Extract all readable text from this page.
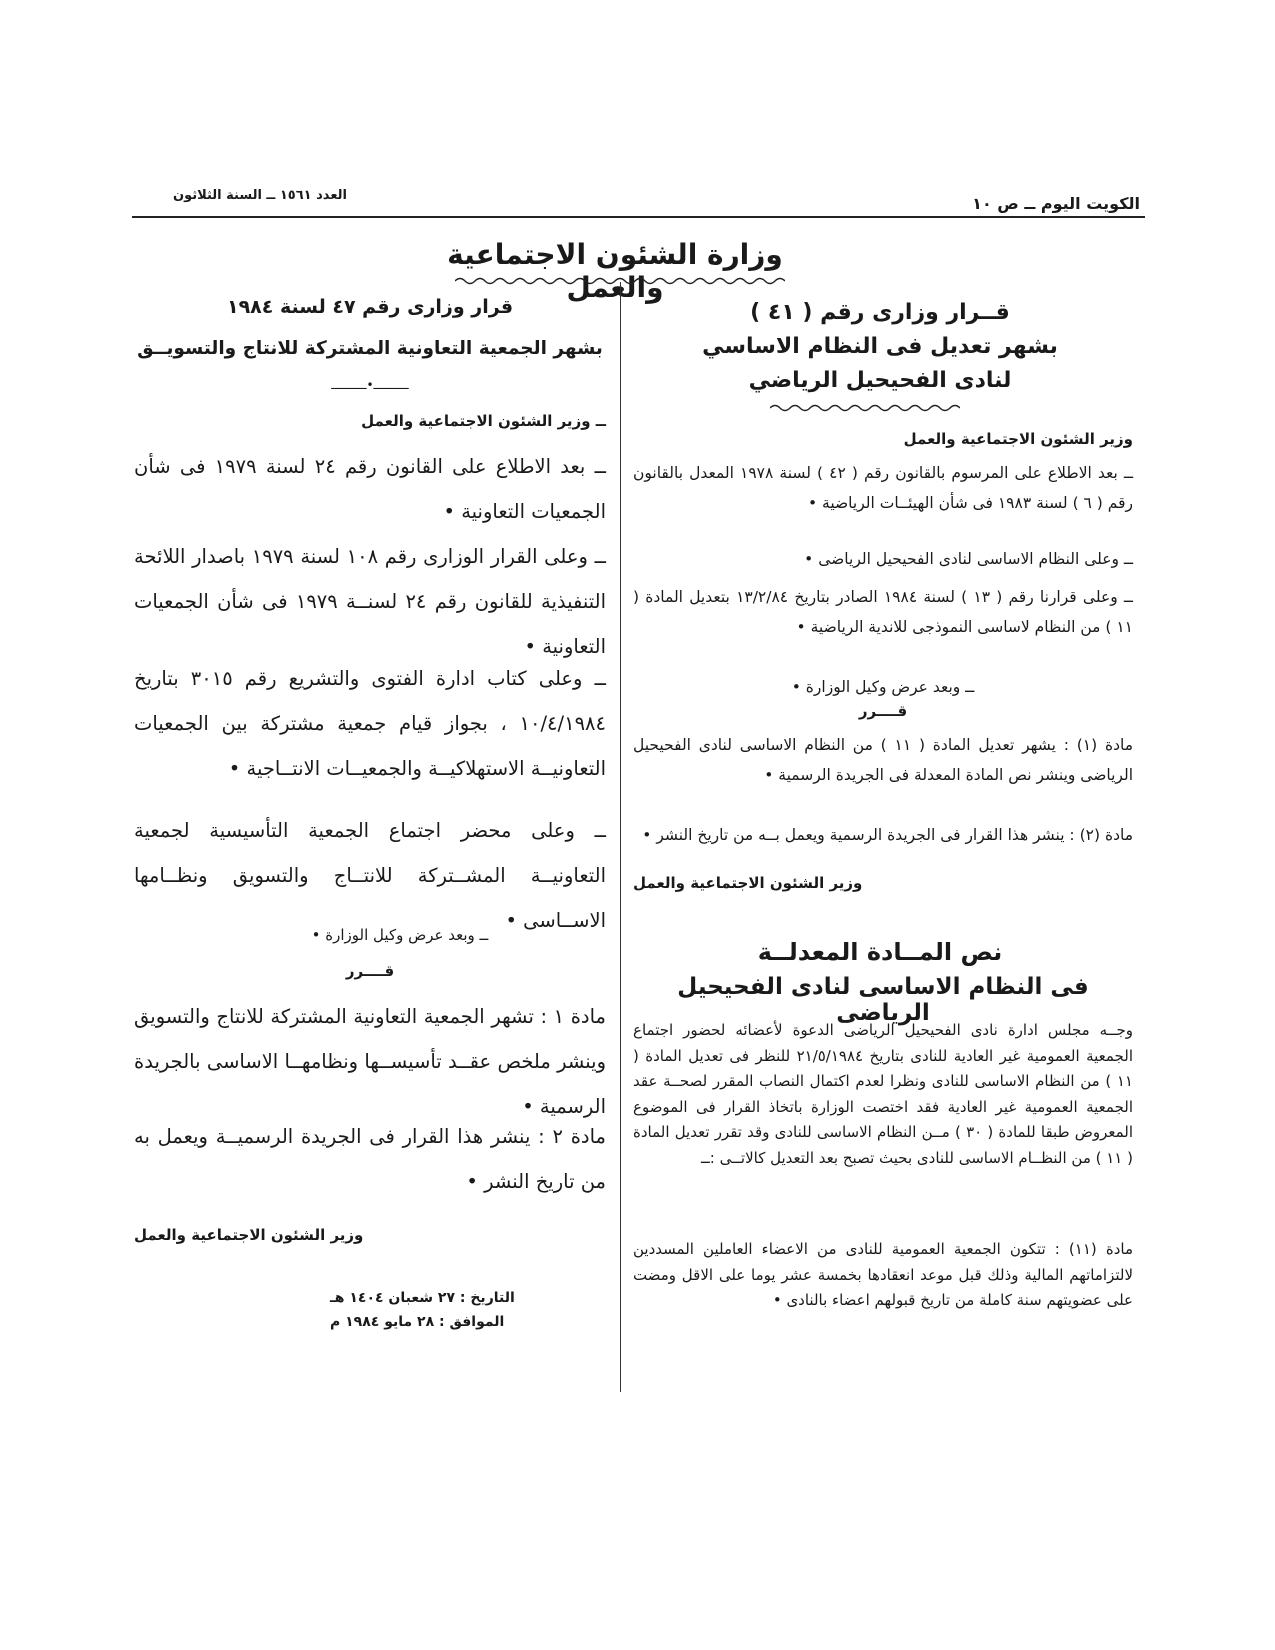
الكويت اليوم ــ ص ١٠
العدد ١٥٦١ ــ السنة الثلاثون
وزارة الشئون الاجتماعية والعمل
قــرار وزارى رقم ( ٤١ )
بشهر تعديل فى النظام الاساسي
لنادى الفحيحيل الرياضي
وزير الشئون الاجتماعية والعمل

ــ بعد الاطلاع على المرسوم بالقانون رقم ( ٤٢ ) لسنة ١٩٧٨ المعدل بالقانون رقم ( ٦ ) لسنة ١٩٨٣ فى شأن الهيئــات الرياضية •

ــ وعلى النظام الاساسى لنادى الفحيحيل الرياضى •

ــ وعلى قرارنا رقم ( ١٣ ) لسنة ١٩٨٤ الصادر بتاريخ ١٣/٢/٨٤ بتعديل المادة ( ١١ ) من النظام لاساسى النموذجى للاندية الرياضية •

ــ وبعد عرض وكيل الوزارة •

قــــرر

مادة (١) : يشهر تعديل المادة ( ١١ ) من النظام الاساسى لنادى الفحيحيل الرياضى وينشر نص المادة المعدلة فى الجريدة الرسمية •

مادة (٢) : ينشر هذا القرار فى الجريدة الرسمية ويعمل بــه من تاريخ النشر •

وزير الشئون الاجتماعية والعمل
نص المــادة المعدلــة
فى النظام الاساسى لنادى الفحيحيل الرياضى

وجــه مجلس ادارة نادى الفحيحيل الرياضى الدعوة لأعضائه لحضور اجتماع الجمعية العمومية غير العادية للنادى بتاريخ ٢١/٥/١٩٨٤ للنظر فى تعديل المادة ( ١١ ) من النظام الاساسى للنادى ونظرا لعدم اكتمال النصاب المقرر لصحــة عقد الجمعية العمومية غير العادية فقد اختصت الوزارة باتخاذ القرار فى الموضوع المعروض طبقا للمادة ( ٣٠ ) مــن النظام الاساسى للنادى وقد تقرر تعديل المادة ( ١١ ) من النظــام الاساسى للنادى بحيث تصبح بعد التعديل كالاتــى :ــ

مادة (١١) : تتكون الجمعية العمومية للنادى من الاعضاء العاملين المسددين لالتزاماتهم المالية وذلك قبل موعد انعقادها بخمسة عشر يوما على الاقل ومضت على عضويتهم سنة كاملة من تاريخ قبولهم اعضاء بالنادى •

قرار وزارى رقم ٤٧ لسنة ١٩٨٤
بشهر الجمعية التعاونية المشتركة للانتاج والتسويــق
ــــــــــ•ــــــــــ
ــ وزير الشئون الاجتماعية والعمل

ــ بعد الاطلاع على القانون رقم ٢٤ لسنة ١٩٧٩ فى شأن الجمعيات التعاونية •

ــ وعلى القرار الوزارى رقم ١٠٨ لسنة ١٩٧٩ باصدار اللائحة التنفيذية للقانون رقم ٢٤ لسنــة ١٩٧٩ فى شأن الجمعيات التعاونية •

ــ وعلى كتاب ادارة الفتوى والتشريع رقم ٣٠١٥ بتاريخ ١٠/٤/١٩٨٤ ، بجواز قيام جمعية مشتركة بين الجمعيات التعاونيــة الاستهلاكيــة والجمعيــات الانتــاجية •

ــ وعلى محضر اجتماع الجمعية التأسيسية لجمعية التعاونيــة المشــتركة للانتــاج والتسويق ونظــامها الاســاسى •

ــ وبعد عرض وكيل الوزارة •

قــــرر

مادة ١ : تشهر الجمعية التعاونية المشتركة للانتاج والتسويق وينشر ملخص عقــد تأسيســها ونظامهــا الاساسى بالجريدة الرسمية •

مادة ٢ : ينشر هذا القرار فى الجريدة الرسميــة ويعمل به من تاريخ النشر •

وزير الشئون الاجتماعية والعمل
التاريخ : ٢٧ شعبان ١٤٠٤ هـ
الموافق : ٢٨ مايو ١٩٨٤ م
